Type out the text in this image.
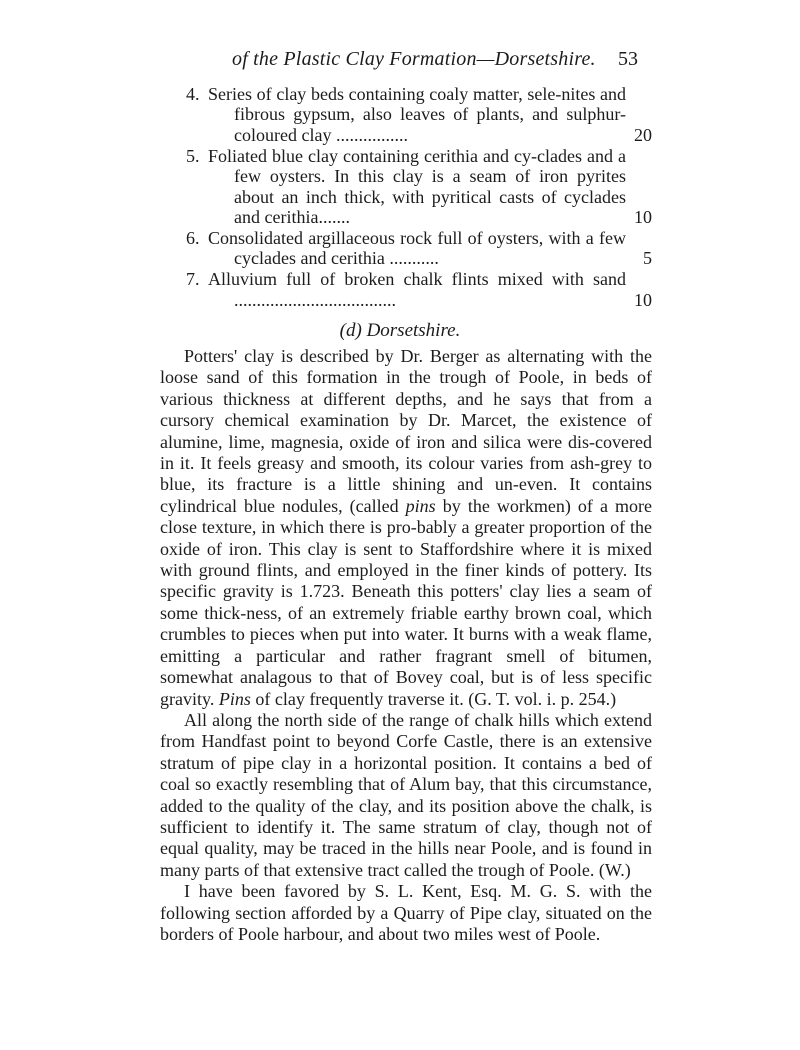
of the Plastic Clay Formation—Dorsetshire. 53
4. Series of clay beds containing coaly matter, sele-nites and fibrous gypsum, also leaves of plants, and sulphur-coloured clay ................	20
5. Foliated blue clay containing cerithia and cy-clades and a few oysters. In this clay is a seam of iron pyrites about an inch thick, with pyritical casts of cyclades and cerithia.......	10
6. Consolidated argillaceous rock full of oysters, with a few cyclades and cerithia ...........	5
7. Alluvium full of broken chalk flints mixed with sand ....................................	10
(d) Dorsetshire.

Potters' clay is described by Dr. Berger as alternating with the loose sand of this formation in the trough of Poole, in beds of various thickness at different depths, and he says that from a cursory chemical examination by Dr. Marcet, the existence of alumine, lime, magnesia, oxide of iron and silica were dis-covered in it. It feels greasy and smooth, its colour varies from ash-grey to blue, its fracture is a little shining and un-even. It contains cylindrical blue nodules, (called pins by the workmen) of a more close texture, in which there is pro-bably a greater proportion of the oxide of iron. This clay is sent to Staffordshire where it is mixed with ground flints, and employed in the finer kinds of pottery. Its specific gravity is 1.723. Beneath this potters' clay lies a seam of some thick-ness, of an extremely friable earthy brown coal, which crumbles to pieces when put into water. It burns with a weak flame, emitting a particular and rather fragrant smell of bitumen, somewhat analagous to that of Bovey coal, but is of less specific gravity. Pins of clay frequently traverse it. (G. T. vol. i. p. 254.)

All along the north side of the range of chalk hills which extend from Handfast point to beyond Corfe Castle, there is an extensive stratum of pipe clay in a horizontal position. It contains a bed of coal so exactly resembling that of Alum bay, that this circumstance, added to the quality of the clay, and its position above the chalk, is sufficient to identify it. The same stratum of clay, though not of equal quality, may be traced in the hills near Poole, and is found in many parts of that extensive tract called the trough of Poole. (W.)

I have been favored by S. L. Kent, Esq. M. G. S. with the following section afforded by a Quarry of Pipe clay, situated on the borders of Poole harbour, and about two miles west of Poole.
